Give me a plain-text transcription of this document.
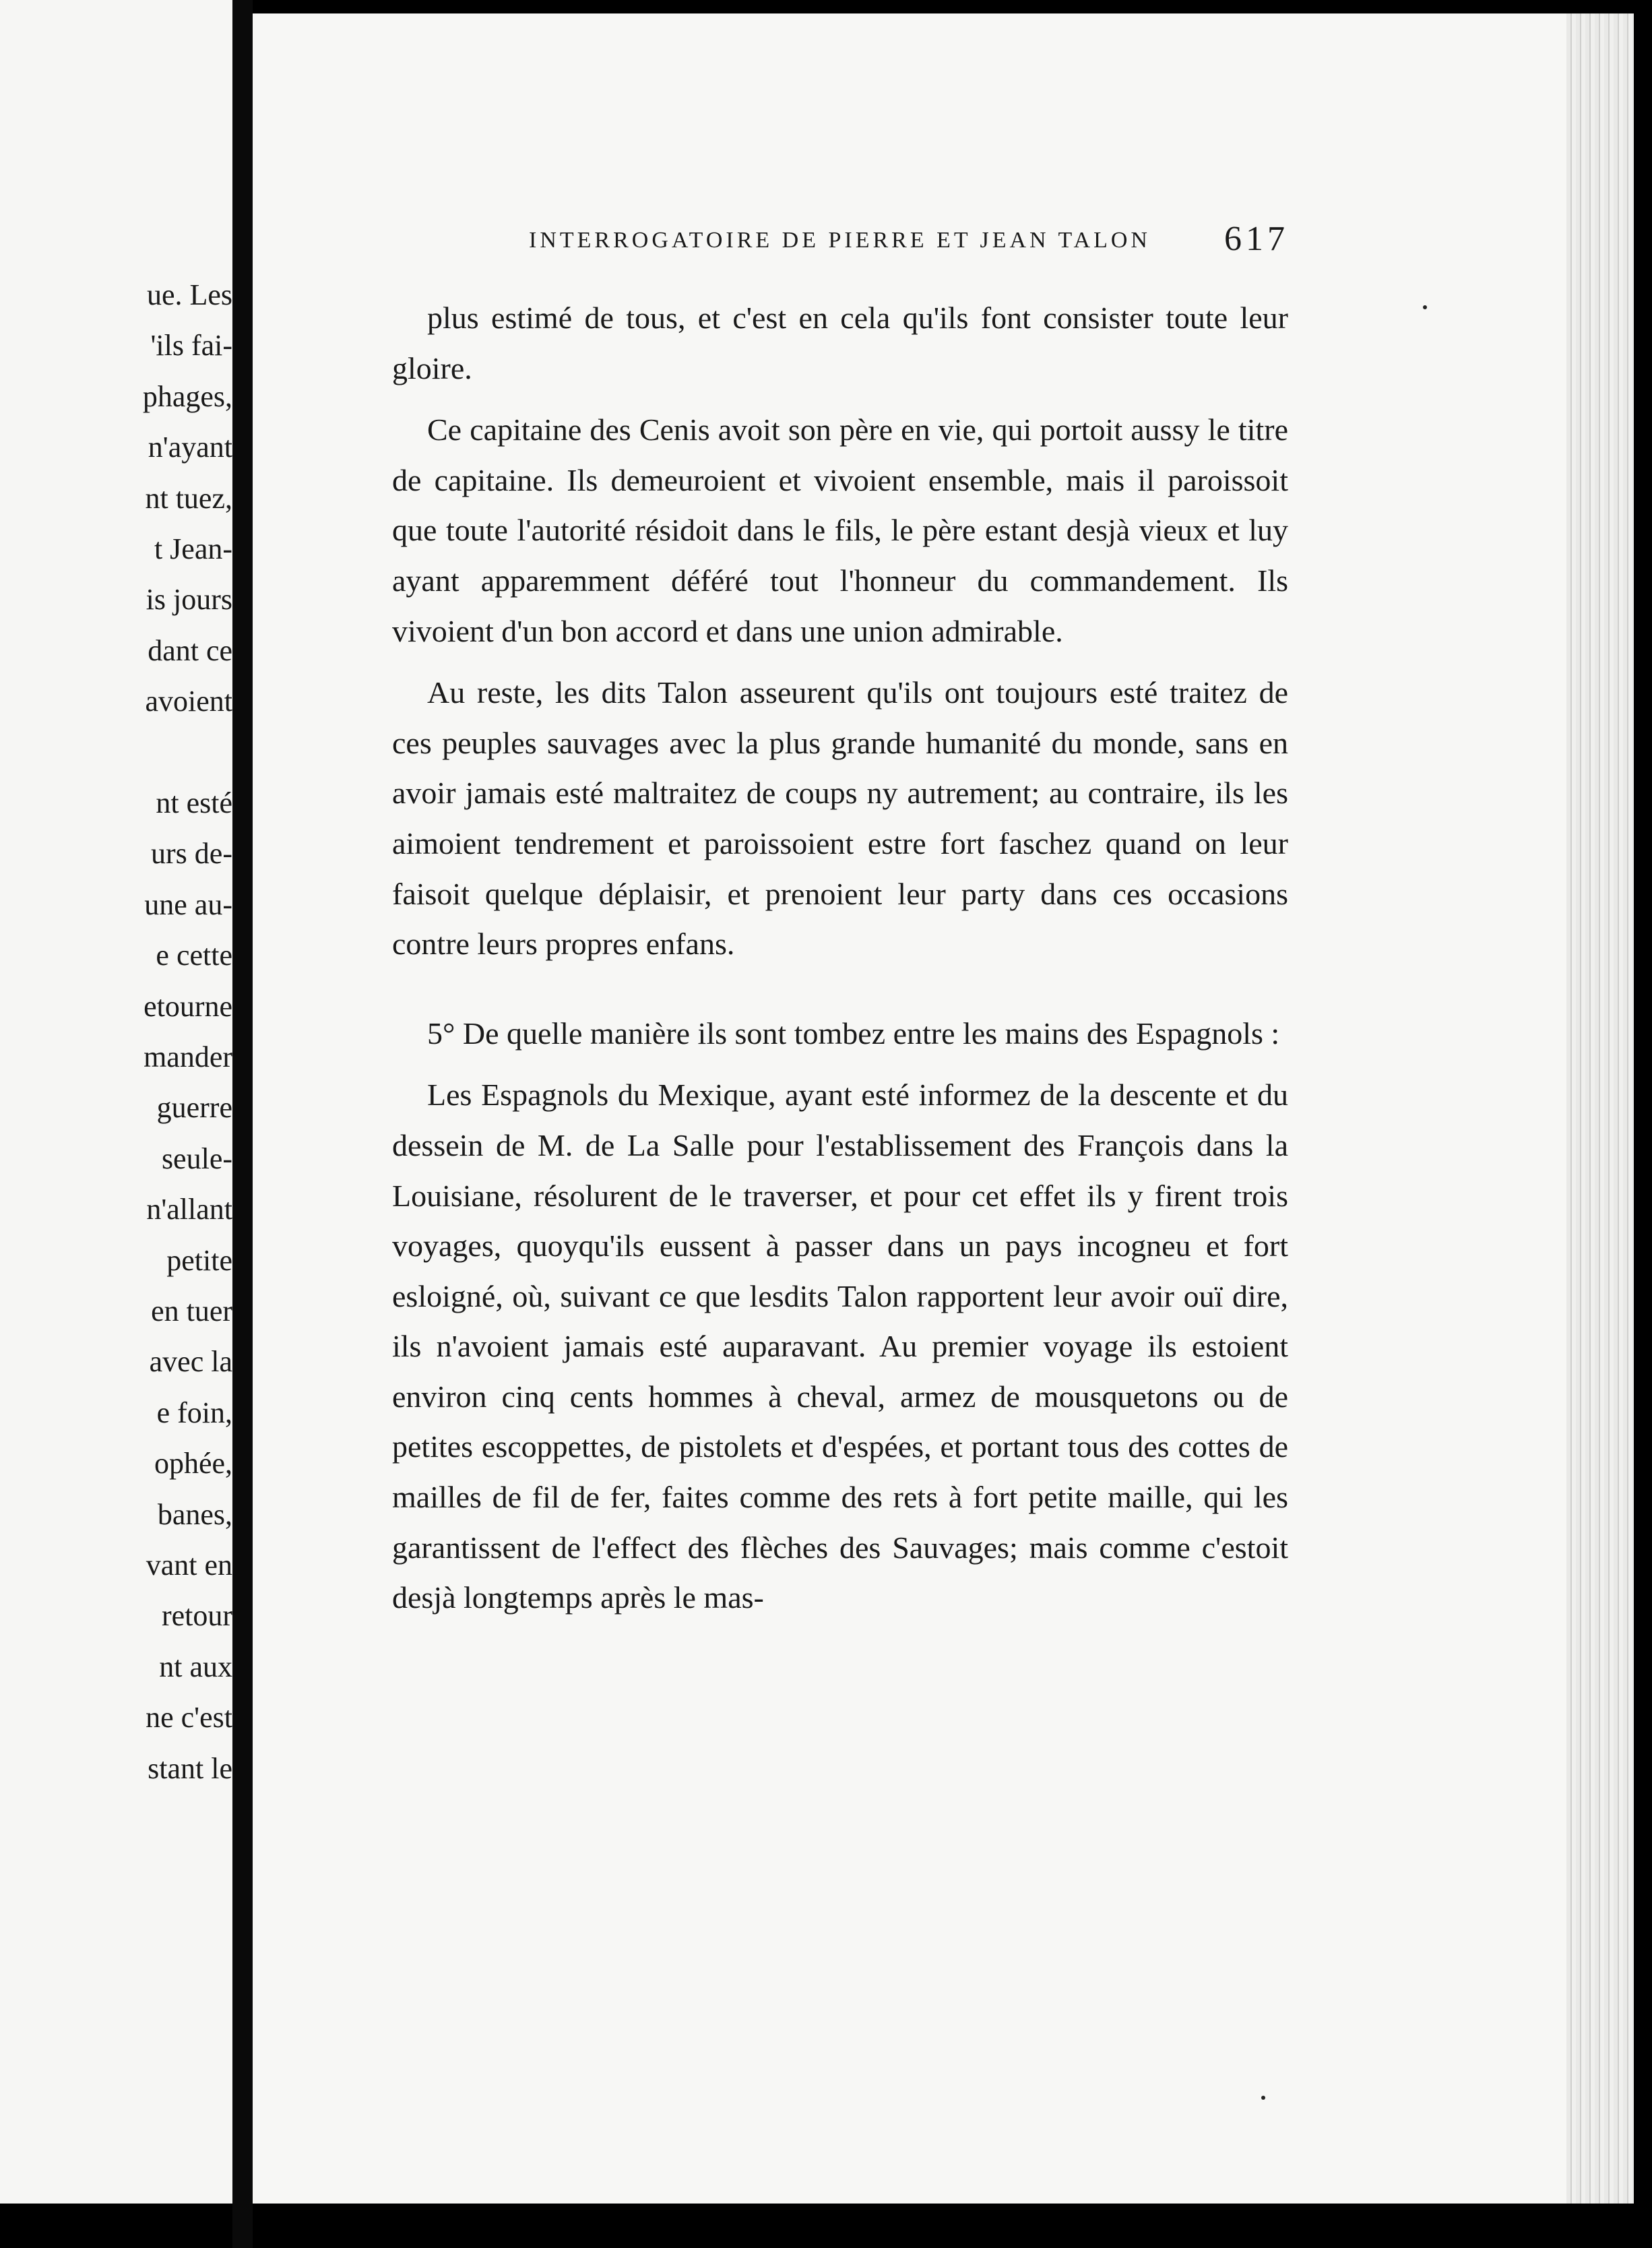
ue. Les
'ils fai-
phages,
n'ayant
nt tuez,
t Jean-
is jours
dant ce
avoient
nt esté
urs de-
une au-
e cette
etourne
mander
guerre
seule-
n'allant
petite
en tuer
avec la
e foin,
ophée,
banes,
vant en
retour
nt aux
ne c'est
stant le
INTERROGATOIRE DE PIERRE ET JEAN TALON 617

plus estimé de tous, et c'est en cela qu'ils font consister toute leur gloire.

Ce capitaine des Cenis avoit son père en vie, qui portoit aussy le titre de capitaine. Ils demeuroient et vivoient ensemble, mais il paroissoit que toute l'autorité résidoit dans le fils, le père estant desjà vieux et luy ayant apparemment déféré tout l'honneur du commandement. Ils vivoient d'un bon accord et dans une union admirable.

Au reste, les dits Talon asseurent qu'ils ont toujours esté traitez de ces peuples sauvages avec la plus grande humanité du monde, sans en avoir jamais esté maltraitez de coups ny autrement; au contraire, ils les aimoient tendrement et paroissoient estre fort faschez quand on leur faisoit quelque déplaisir, et prenoient leur party dans ces occasions contre leurs propres enfans.

5° De quelle manière ils sont tombez entre les mains des Espagnols :

Les Espagnols du Mexique, ayant esté informez de la descente et du dessein de M. de La Salle pour l'establissement des François dans la Louisiane, résolurent de le traverser, et pour cet effet ils y firent trois voyages, quoyqu'ils eussent à passer dans un pays incogneu et fort esloigné, où, suivant ce que lesdits Talon rapportent leur avoir ouï dire, ils n'avoient jamais esté auparavant. Au premier voyage ils estoient environ cinq cents hommes à cheval, armez de mousquetons ou de petites escoppettes, de pistolets et d'espées, et portant tous des cottes de mailles de fil de fer, faites comme des rets à fort petite maille, qui les garantissent de l'effect des flèches des Sauvages; mais comme c'estoit desjà longtemps après le mas-
